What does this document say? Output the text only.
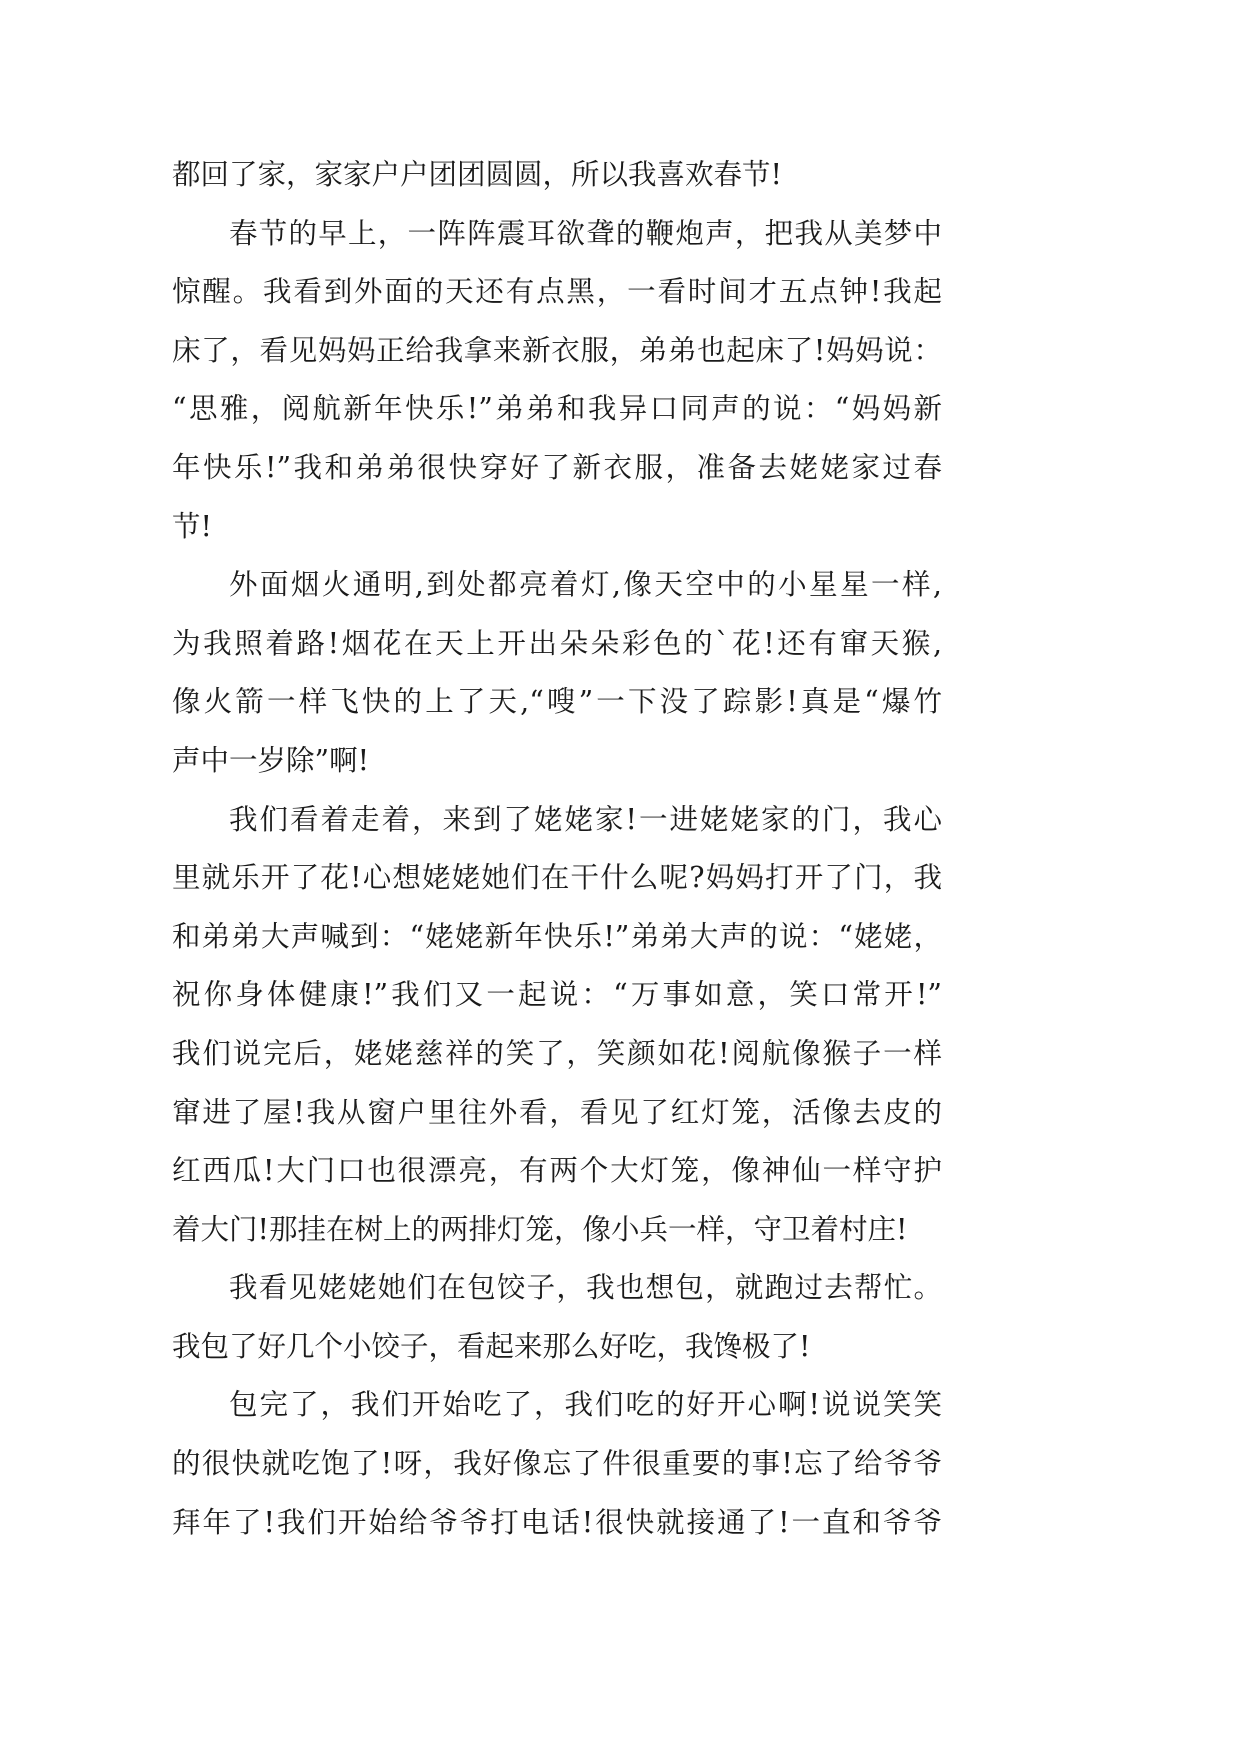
都回了家，家家户户团团圆圆，所以我喜欢春节!
春节的早上，一阵阵震耳欲聋的鞭炮声，把我从美梦中
惊醒。我看到外面的天还有点黑，一看时间才五点钟!我起
床了，看见妈妈正给我拿来新衣服，弟弟也起床了!妈妈说：
“思雅，阅航新年快乐!”弟弟和我异口同声的说：“妈妈新
年快乐!”我和弟弟很快穿好了新衣服，准备去姥姥家过春
节!
外面烟火通明,到处都亮着灯,像天空中的小星星一样,
为我照着路!烟花在天上开出朵朵彩色的`花!还有窜天猴,
像火箭一样飞快的上了天,“嗖”一下没了踪影!真是“爆竹
声中一岁除”啊!
我们看着走着，来到了姥姥家!一进姥姥家的门，我心
里就乐开了花!心想姥姥她们在干什么呢?妈妈打开了门，我
和弟弟大声喊到：“姥姥新年快乐!”弟弟大声的说：“姥姥，
祝你身体健康!”我们又一起说：“万事如意，笑口常开!”
我们说完后，姥姥慈祥的笑了，笑颜如花!阅航像猴子一样
窜进了屋!我从窗户里往外看，看见了红灯笼，活像去皮的
红西瓜!大门口也很漂亮，有两个大灯笼，像神仙一样守护
着大门!那挂在树上的两排灯笼，像小兵一样，守卫着村庄!
我看见姥姥她们在包饺子，我也想包，就跑过去帮忙。
我包了好几个小饺子，看起来那么好吃，我馋极了!
包完了，我们开始吃了，我们吃的好开心啊!说说笑笑
的很快就吃饱了!呀，我好像忘了件很重要的事!忘了给爷爷
拜年了!我们开始给爷爷打电话!很快就接通了!一直和爷爷
